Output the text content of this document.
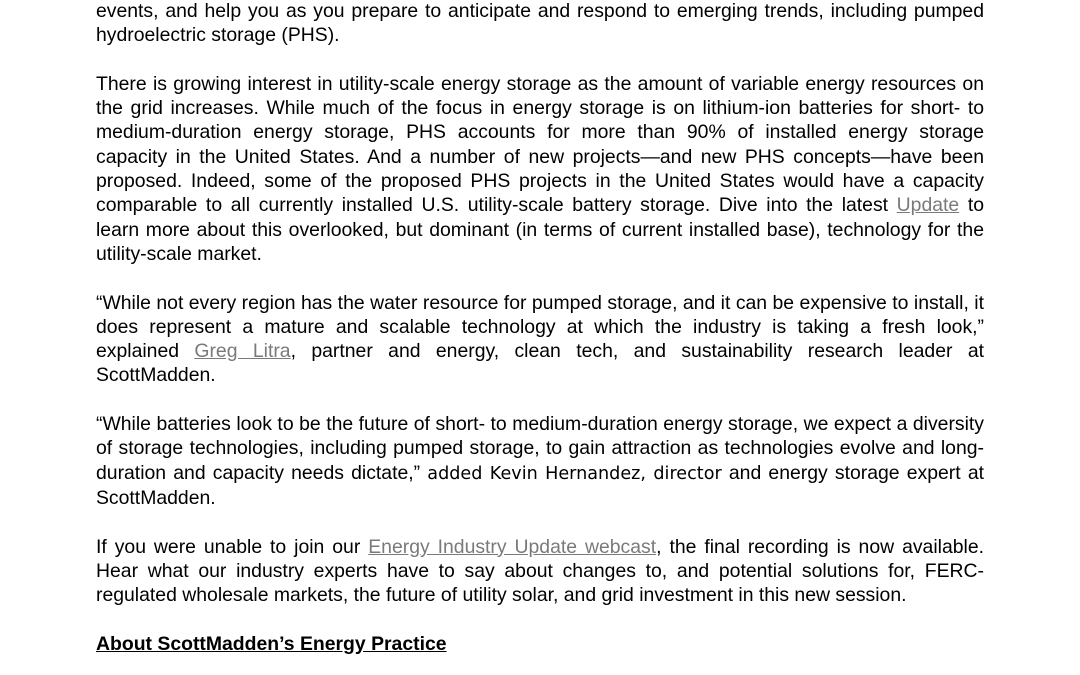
events, and help you as you prepare to anticipate and respond to emerging trends, including pumped hydroelectric storage (PHS).

There is growing interest in utility-scale energy storage as the amount of variable energy resources on the grid increases. While much of the focus in energy storage is on lithium-ion batteries for short- to medium-duration energy storage, PHS accounts for more than 90% of installed energy storage capacity in the United States. And a number of new projects—and new PHS concepts—have been proposed. Indeed, some of the proposed PHS projects in the United States would have a capacity comparable to all currently installed U.S. utility-scale battery storage. Dive into the latest Update to learn more about this overlooked, but dominant (in terms of current installed base), technology for the utility-scale market.

“While not every region has the water resource for pumped storage, and it can be expensive to install, it does represent a mature and scalable technology at which the industry is taking a fresh look,” explained Greg Litra, partner and energy, clean tech, and sustainability research leader at ScottMadden.

“While batteries look to be the future of short- to medium-duration energy storage, we expect a diversity of storage technologies, including pumped storage, to gain attraction as technologies evolve and long-duration and capacity needs dictate,” added Kevin Hernandez, director and energy storage expert at ScottMadden.

If you were unable to join our Energy Industry Update webcast, the final recording is now available. Hear what our industry experts have to say about changes to, and potential solutions for, FERC-regulated wholesale markets, the future of utility solar, and grid investment in this new session.

About ScottMadden’s Energy Practice
